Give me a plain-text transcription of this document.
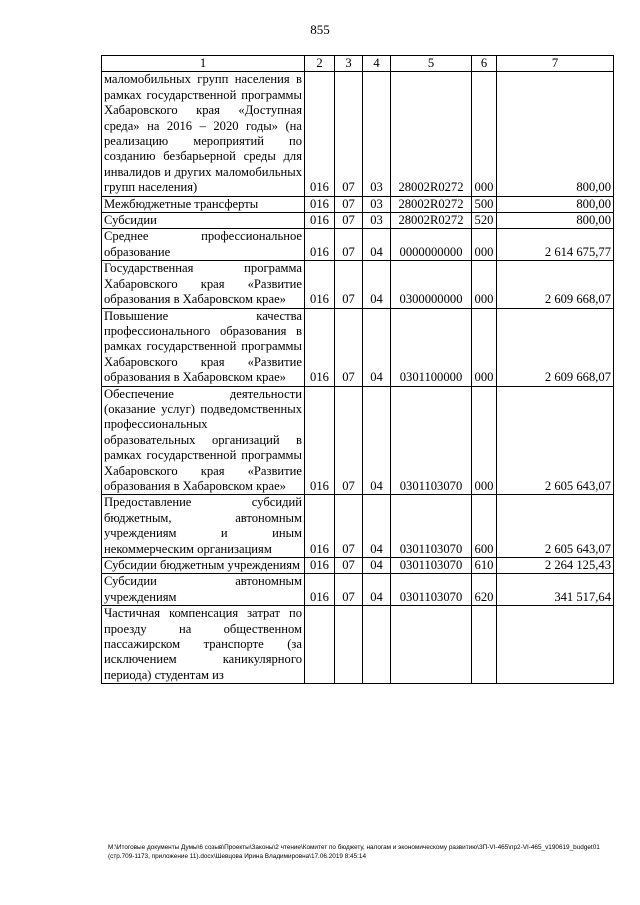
855
1	2	3	4	5	6	7
маломобильных групп населения в рамках государственной программы Хабаровского края «Доступная среда» на 2016 – 2020 годы» (на реализацию мероприятий по созданию безбарьерной среды для инвалидов и других маломобильных групп населения)	016	07	03	28002R0272	000	800,00
Межбюджетные трансферты	016	07	03	28002R0272	500	800,00
Субсидии	016	07	03	28002R0272	520	800,00
Среднее профессиональное образование	016	07	04	0000000000	000	2 614 675,77
Государственная программа Хабаровского края «Развитие образования в Хабаровском крае»	016	07	04	0300000000	000	2 609 668,07
Повышение качества профессионального образования в рамках государственной программы Хабаровского края «Развитие образования в Хабаровском крае»	016	07	04	0301100000	000	2 609 668,07
Обеспечение деятельности (оказание услуг) подведомственных профессиональных образовательных организаций в рамках государственной программы Хабаровского края «Развитие образования в Хабаровском крае»	016	07	04	0301103070	000	2 605 643,07
Предоставление субсидий бюджетным, автономным учреждениям и иным некоммерческим организациям	016	07	04	0301103070	600	2 605 643,07
Субсидии бюджетным учреждениям	016	07	04	0301103070	610	2 264 125,43
Субсидии автономным учреждениям	016	07	04	0301103070	620	341 517,64
Частичная компенсация затрат по проезду на общественном пассажирском транспорте (за исключением каникулярного периода) студентам из						
M:\Итоговые документы Думы\6 созыв\Проекты\Законы\2 чтение\Комитет по бюджету, налогам и экономическому развитию\ЗП-VI-465\пр2-VI-465_v190619_budget01 (стр.709-1173, приложение 11).docx\Шевцова Ирина Владимировна\17.06.2019 8:45:14
